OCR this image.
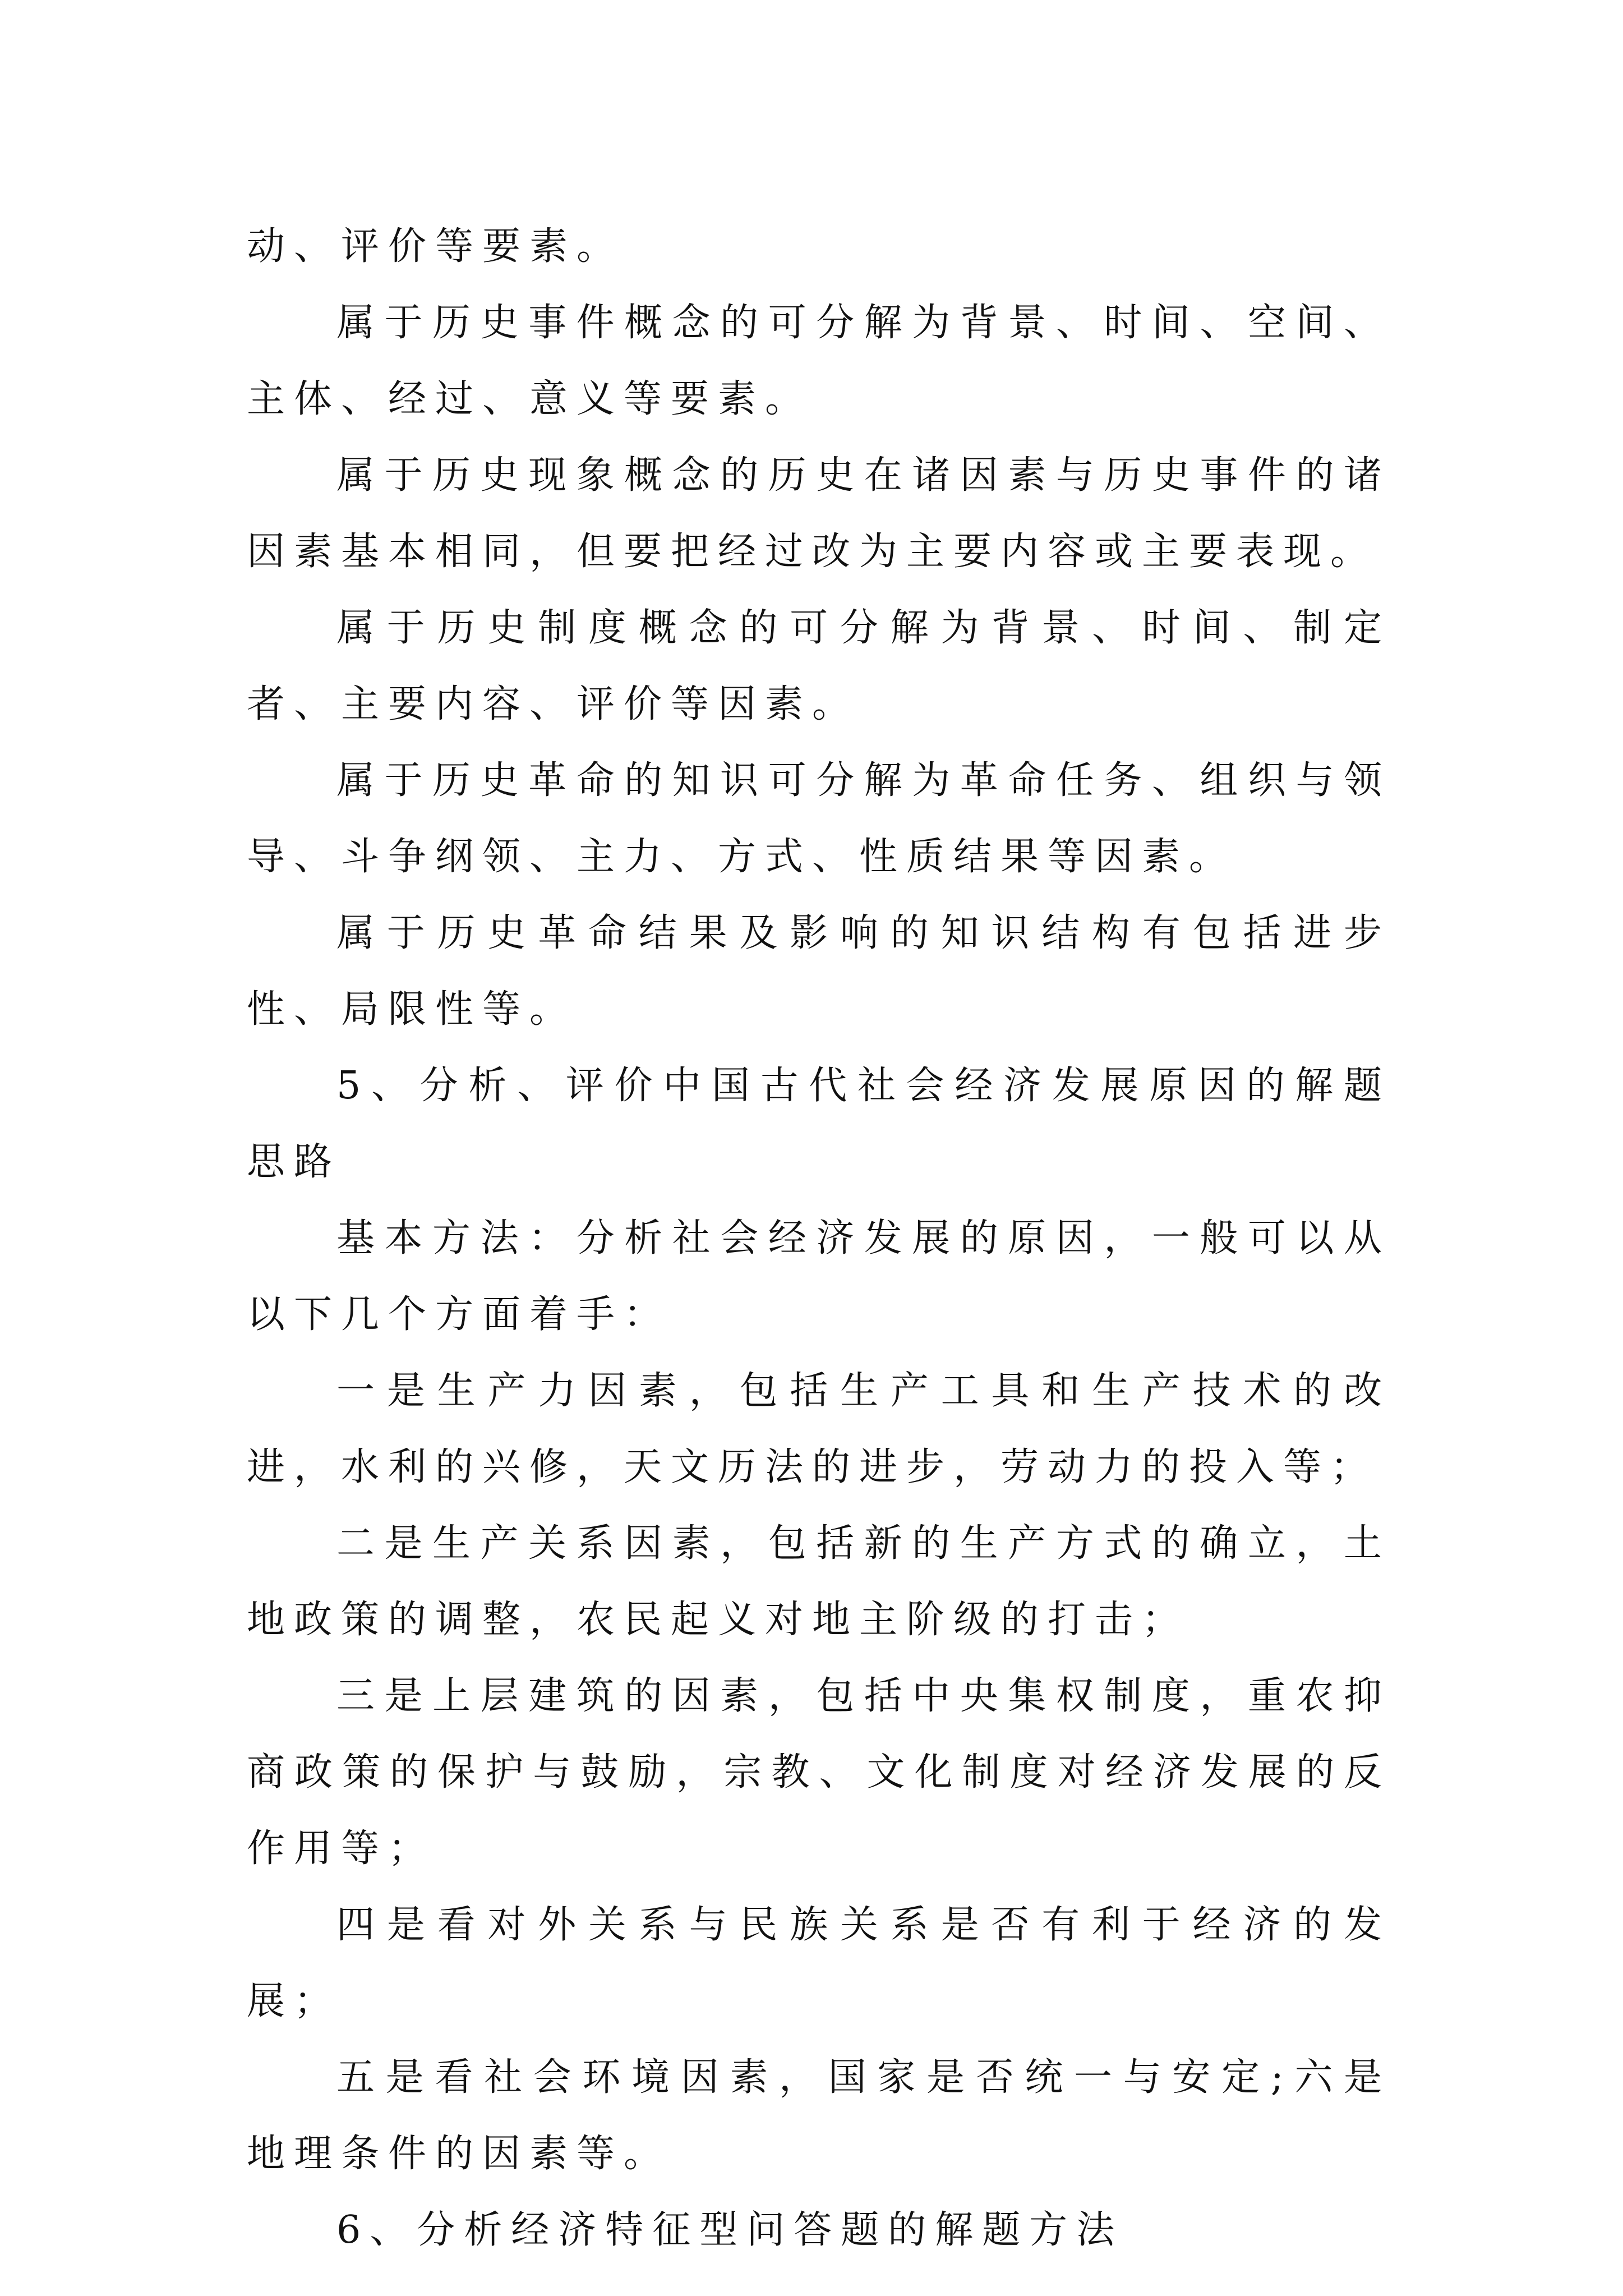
动、评价等要素。

属于历史事件概念的可分解为背景、时间、空间、主体、经过、意义等要素。

属于历史现象概念的历史在诸因素与历史事件的诸因素基本相同，但要把经过改为主要内容或主要表现。

属于历史制度概念的可分解为背景、时间、制定者、主要内容、评价等因素。

属于历史革命的知识可分解为革命任务、组织与领导、斗争纲领、主力、方式、性质结果等因素。

属于历史革命结果及影响的知识结构有包括进步性、局限性等。

5、分析、评价中国古代社会经济发展原因的解题思路

基本方法：分析社会经济发展的原因，一般可以从以下几个方面着手：

一是生产力因素，包括生产工具和生产技术的改进，水利的兴修，天文历法的进步，劳动力的投入等；

二是生产关系因素，包括新的生产方式的确立，土地政策的调整，农民起义对地主阶级的打击；

三是上层建筑的因素，包括中央集权制度，重农抑商政策的保护与鼓励，宗教、文化制度对经济发展的反作用等；

四是看对外关系与民族关系是否有利于经济的发展；

五是看社会环境因素，国家是否统一与安定;六是地理条件的因素等。

6、分析经济特征型问答题的解题方法
